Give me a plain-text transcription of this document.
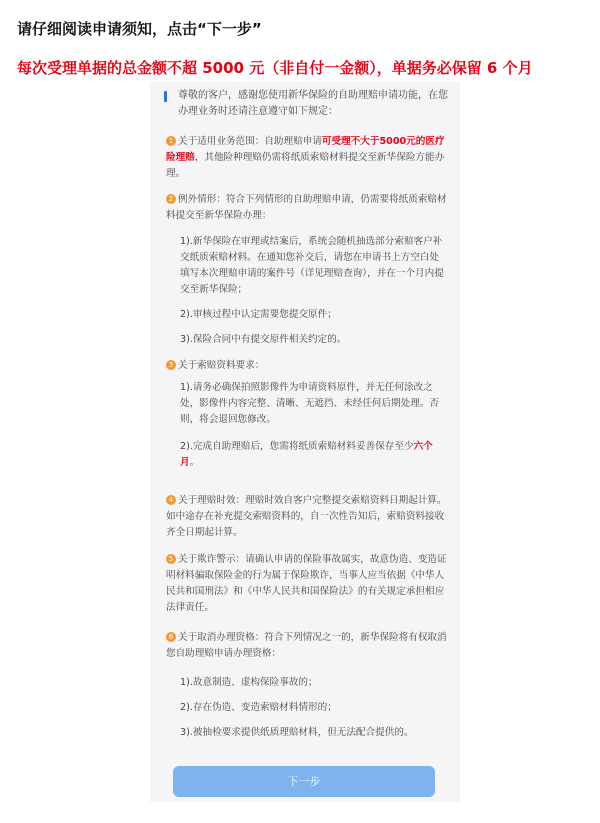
请仔细阅读申请须知，点击“下一步”
每次受理单据的总金额不超 5000 元（非自付一金额），单据务必保留 6 个月
尊敬的客户，感谢您使用新华保险的自助理赔申请功能，在您办理业务时还请注意遵守如下规定：
1 关于适用业务范围：自助理赔申请可受理不大于5000元的医疗险理赔，其他险种理赔仍需将纸质索赔材料提交至新华保险方能办理。
2 例外情形：符合下列情形的自助理赔申请，仍需要将纸质索赔材料提交至新华保险办理：
1).新华保险在审理或结案后，系统会随机抽选部分索赔客户补交纸质索赔材料。在通知您补交后，请您在申请书上方空白处填写本次理赔申请的案件号（详见理赔查询），并在一个月内提交至新华保险；
2).审核过程中认定需要您提交原件；
3).保险合同中有提交原件相关约定的。
3 关于索赔资料要求：
1).请务必确保拍照影像件为申请资料原件，并无任何涂改之处，影像件内容完整、清晰、无遮挡、未经任何后期处理。否则，将会退回您修改。
2).完成自助理赔后，您需将纸质索赔材料妥善保存至少六个月。
4 关于理赔时效：理赔时效自客户完整提交索赔资料日期起计算。如中途存在补充提交索赔资料的，自一次性告知后，索赔资料接收齐全日期起计算。
5 关于欺诈警示：请确认申请的保险事故属实，故意伪造、变造证明材料骗取保险金的行为属于保险欺诈，当事人应当依据《中华人民共和国刑法》和《中华人民共和国保险法》的有关规定承担相应法律责任。
6 关于取消办理资格：符合下列情况之一的，新华保险将有权取消您自助理赔申请办理资格：
1).故意制造、虚构保险事故的；
2).存在伪造、变造索赔材料情形的；
3).被抽检要求提供纸质理赔材料，但无法配合提供的。
下一步
